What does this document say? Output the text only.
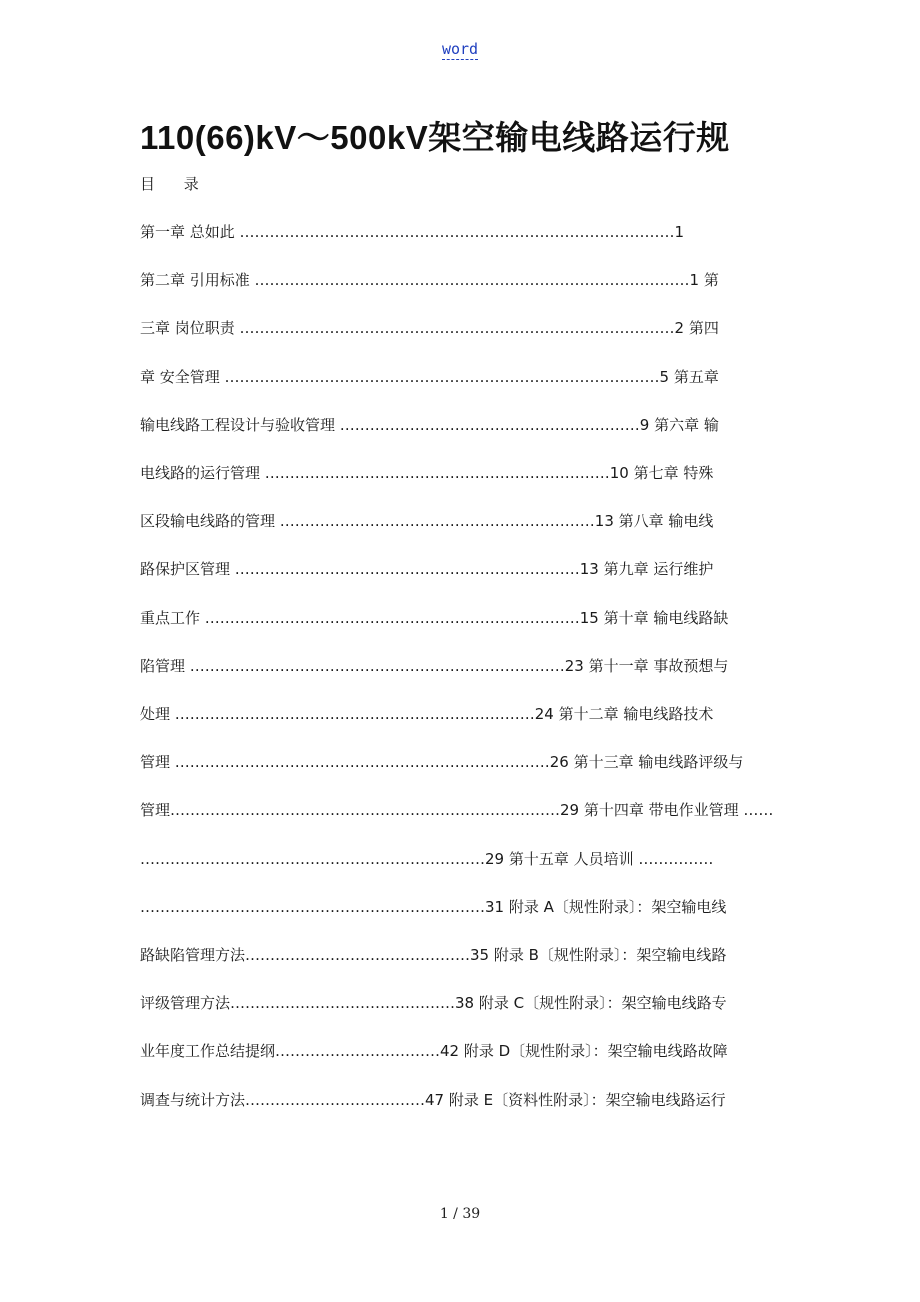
word
110(66)kV～500kV架空输电线路运行规
目 录
第一章 总如此 ……………………………………………………………………………1
第二章 引用标准 ……………………………………………………………………………1 第
三章 岗位职责 ……………………………………………………………………………2 第四
章 安全管理 ……………………………………………………………………………5 第五章
输电线路工程设计与验收管理 ……………………………………………………9 第六章 输
电线路的运行管理 ……………………………………………………………10 第七章 特殊
区段输电线路的管理 ………………………………………………………13 第八章 输电线
路保护区管理 ……………………………………………………………13 第九章 运行维护
重点工作 …………………………………………………………………15 第十章 输电线路缺
陷管理 …………………………………………………………………23 第十一章 事故预想与
处理 ………………………………………………………………24 第十二章 输电线路技术
管理 …………………………………………………………………26 第十三章 输电线路评级与
管理……………………………………………………………………29 第十四章 带电作业管理 ……
……………………………………………………………29 第十五章 人员培训 ……………
……………………………………………………………31 附录 A〔规性附录〕：架空输电线
路缺陷管理方法………………………………………35 附录 B〔规性附录〕：架空输电线路
评级管理方法………………………………………38 附录 C〔规性附录〕：架空输电线路专
业年度工作总结提纲……………………………42 附录 D〔规性附录〕：架空输电线路故障
调查与统计方法………………………………47 附录 E〔资料性附录〕：架空输电线路运行
1 / 39
